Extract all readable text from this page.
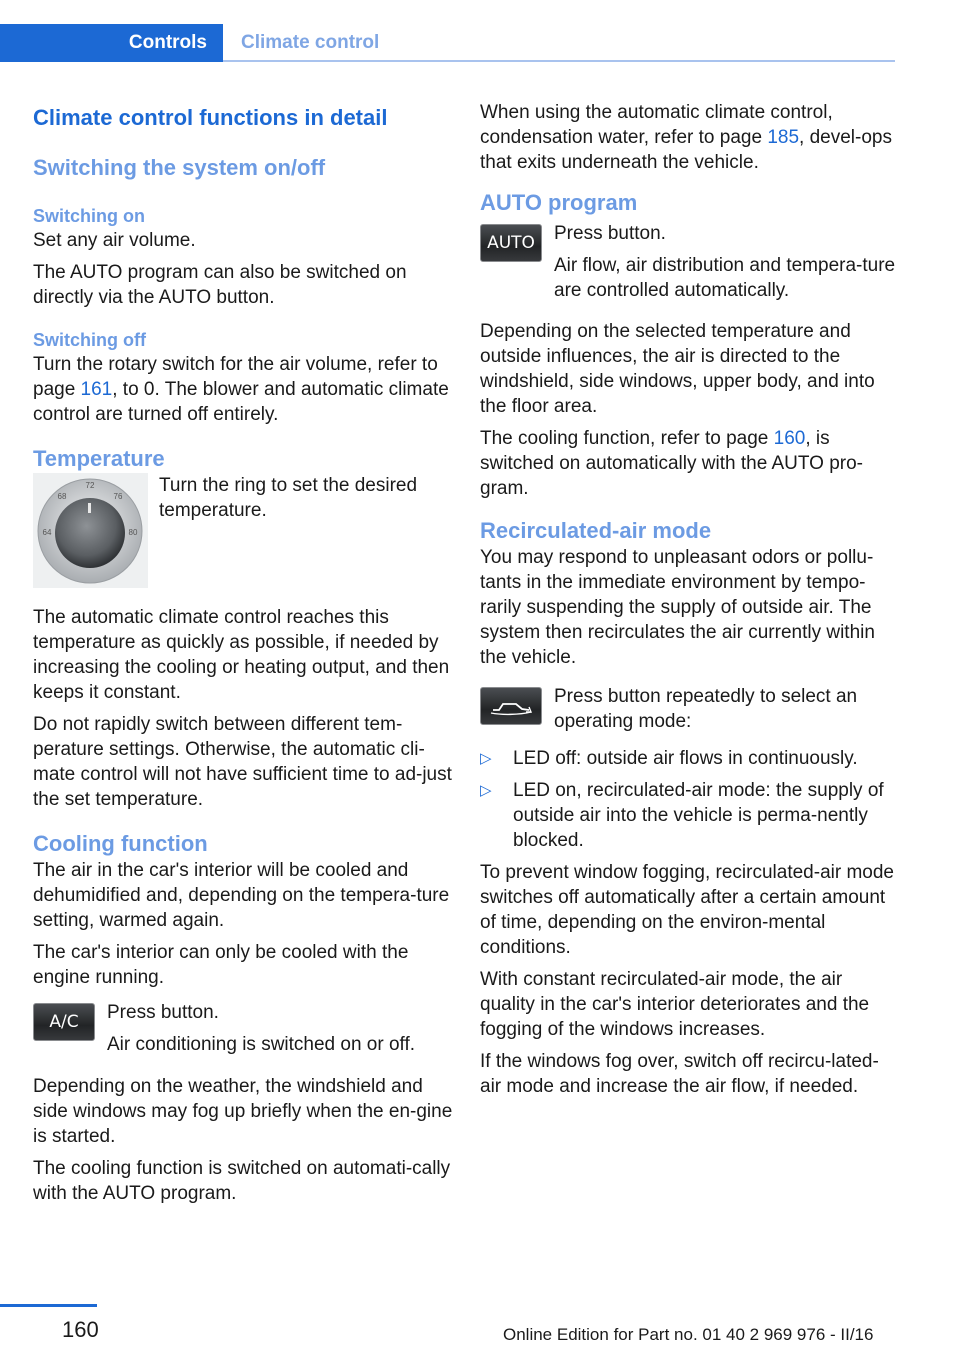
Controls	Climate control
Climate control functions in detail
Switching the system on/off
Switching on

Set any air volume.

The AUTO program can also be switched on directly via the AUTO button.

Switching off

Turn the rotary switch for the air volume, refer to page 161, to 0. The blower and automatic climate control are turned off entirely.

Temperature
72
76
80
68
64
Turn the ring to set the desired temperature.

The automatic climate control reaches this temperature as quickly as possible, if needed by increasing the cooling or heating output, and then keeps it constant.

Do not rapidly switch between different tem-perature settings. Otherwise, the automatic cli-mate control will not have sufficient time to ad-just the set temperature.

Cooling function

The air in the car's interior will be cooled and dehumidified and, depending on the tempera-ture setting, warmed again.

The car's interior can only be cooled with the engine running.

A/C Press button.
Air conditioning is switched on or off.

Depending on the weather, the windshield and side windows may fog up briefly when the en-gine is started.

The cooling function is switched on automati-cally with the AUTO program.

When using the automatic climate control, condensation water, refer to page 185, devel-ops that exits underneath the vehicle.

AUTO program
AUTO	Press button.
Air flow, air distribution and tempera-ture are controlled automatically.

Depending on the selected temperature and outside influences, the air is directed to the windshield, side windows, upper body, and into the floor area.

The cooling function, refer to page 160, is switched on automatically with the AUTO pro-gram.

Recirculated-air mode

You may respond to unpleasant odors or pollu-tants in the immediate environment by tempo-rarily suspending the supply of outside air. The system then recirculates the air currently within the vehicle.

Press button repeatedly to select an operating mode:
▷ LED off: outside air flows in continuously.
▷ LED on, recirculated-air mode: the supply of outside air into the vehicle is perma-nently blocked.

To prevent window fogging, recirculated-air mode switches off automatically after a certain amount of time, depending on the environ-mental conditions.

With constant recirculated-air mode, the air quality in the car's interior deteriorates and the fogging of the windows increases.

If the windows fog over, switch off recircu-lated-air mode and increase the air flow, if needed.

160	Online Edition for Part no. 01 40 2 969 976 - II/16
